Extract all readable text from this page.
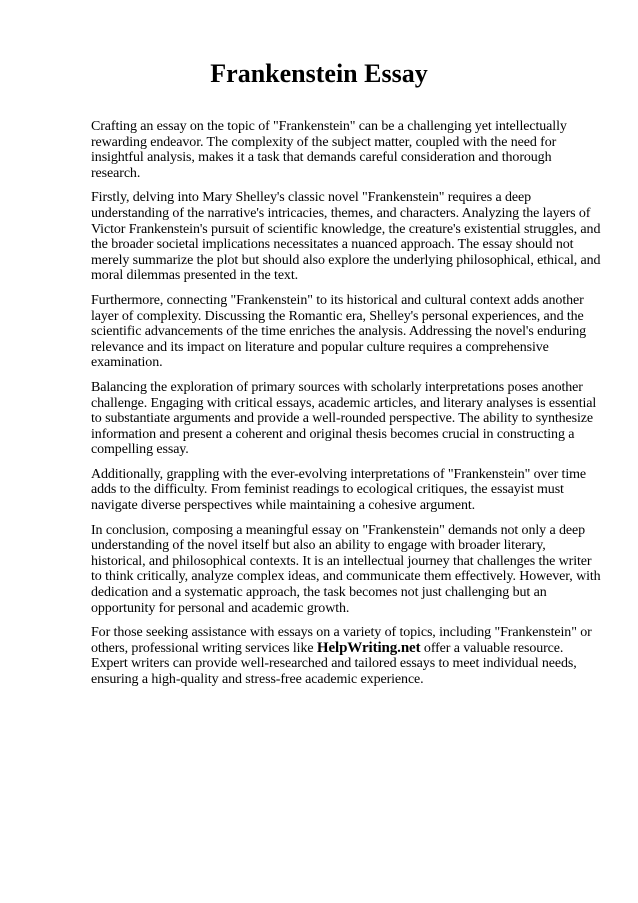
Frankenstein Essay

Crafting an essay on the topic of "Frankenstein" can be a challenging yet intellectually rewarding endeavor. The complexity of the subject matter, coupled with the need for insightful analysis, makes it a task that demands careful consideration and thorough research.

Firstly, delving into Mary Shelley's classic novel "Frankenstein" requires a deep understanding of the narrative's intricacies, themes, and characters. Analyzing the layers of Victor Frankenstein's pursuit of scientific knowledge, the creature's existential struggles, and the broader societal implications necessitates a nuanced approach. The essay should not merely summarize the plot but should also explore the underlying philosophical, ethical, and moral dilemmas presented in the text.

Furthermore, connecting "Frankenstein" to its historical and cultural context adds another layer of complexity. Discussing the Romantic era, Shelley's personal experiences, and the scientific advancements of the time enriches the analysis. Addressing the novel's enduring relevance and its impact on literature and popular culture requires a comprehensive examination.

Balancing the exploration of primary sources with scholarly interpretations poses another challenge. Engaging with critical essays, academic articles, and literary analyses is essential to substantiate arguments and provide a well-rounded perspective. The ability to synthesize information and present a coherent and original thesis becomes crucial in constructing a compelling essay.

Additionally, grappling with the ever-evolving interpretations of "Frankenstein" over time adds to the difficulty. From feminist readings to ecological critiques, the essayist must navigate diverse perspectives while maintaining a cohesive argument.

In conclusion, composing a meaningful essay on "Frankenstein" demands not only a deep understanding of the novel itself but also an ability to engage with broader literary, historical, and philosophical contexts. It is an intellectual journey that challenges the writer to think critically, analyze complex ideas, and communicate them effectively. However, with dedication and a systematic approach, the task becomes not just challenging but an opportunity for personal and academic growth.

For those seeking assistance with essays on a variety of topics, including "Frankenstein" or others, professional writing services like HelpWriting.net offer a valuable resource. Expert writers can provide well-researched and tailored essays to meet individual needs, ensuring a high-quality and stress-free academic experience.
